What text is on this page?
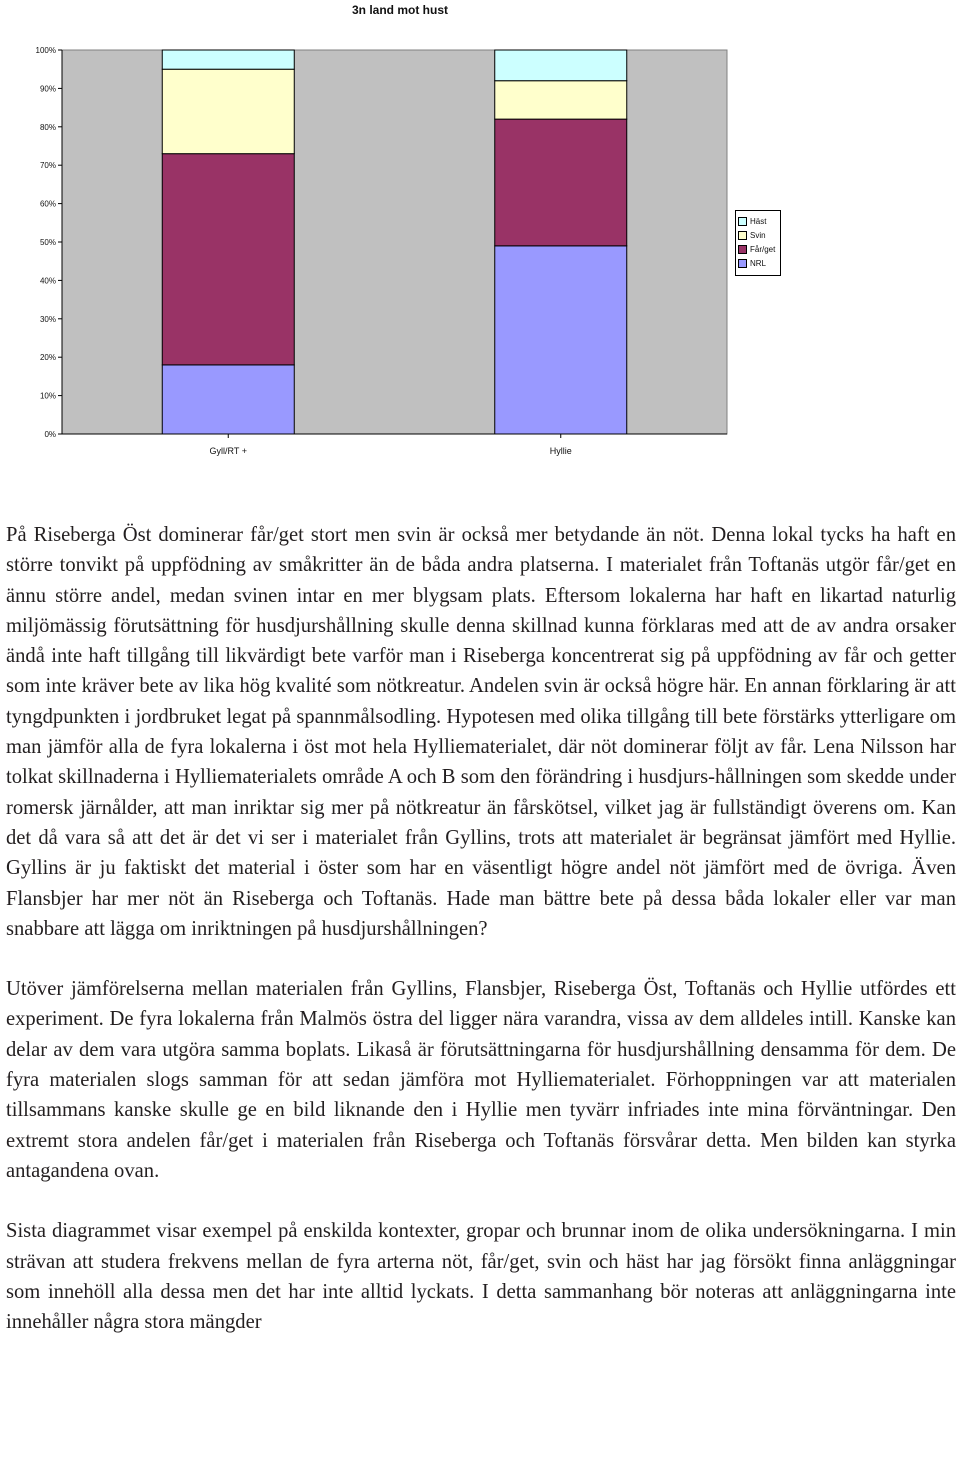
3n land mot hust
0%
10%
20%
30%
40%
50%
60%
70%
80%
90%
100%
Gyll/RT +	Hyllie
Häst
Svin
Får/get
NRL

På Riseberga Öst dominerar får/get stort men svin är också mer betydande än nöt. Denna lokal tycks ha haft en större tonvikt på uppfödning av småkritter än de båda andra platserna. I materialet från Toftanäs utgör får/get en ännu större andel, medan svinen intar en mer blygsam plats. Eftersom lokalerna har haft en likartad naturlig miljömässig förutsättning för husdjurshållning skulle denna skillnad kunna förklaras med att de av andra orsaker ändå inte haft tillgång till likvärdigt bete varför man i Riseberga koncentrerat sig på uppfödning av får och getter som inte kräver bete av lika hög kvalité som nötkreatur. Andelen svin är också högre här. En annan förklaring är att tyngdpunkten i jordbruket legat på spannmålsodling. Hypotesen med olika tillgång till bete förstärks ytterligare om man jämför alla de fyra lokalerna i öst mot hela Hylliematerialet, där nöt dominerar följt av får. Lena Nilsson har tolkat skillnaderna i Hylliematerialets område A och B som den förändring i husdjurs-hållningen som skedde under romersk järnålder, att man inriktar sig mer på nötkreatur än fårskötsel, vilket jag är fullständigt överens om. Kan det då vara så att det är det vi ser i materialet från Gyllins, trots att materialet är begränsat jämfört med Hyllie. Gyllins är ju faktiskt det material i öster som har en väsentligt högre andel nöt jämfört med de övriga. Även Flansbjer har mer nöt än Riseberga och Toftanäs. Hade man bättre bete på dessa båda lokaler eller var man snabbare att lägga om inriktningen på husdjurshållningen?

Utöver jämförelserna mellan materialen från Gyllins, Flansbjer, Riseberga Öst, Toftanäs och Hyllie utfördes ett experiment. De fyra lokalerna från Malmös östra del ligger nära varandra, vissa av dem alldeles intill. Kanske kan delar av dem vara utgöra samma boplats. Likaså är förutsättningarna för husdjurshållning densamma för dem. De fyra materialen slogs samman för att sedan jämföra mot Hylliematerialet. Förhoppningen var att materialen tillsammans kanske skulle ge en bild liknande den i Hyllie men tyvärr infriades inte mina förväntningar. Den extremt stora andelen får/get i materialen från Riseberga och Toftanäs försvårar detta. Men bilden kan styrka antagandena ovan.

Sista diagrammet visar exempel på enskilda kontexter, gropar och brunnar inom de olika undersökningarna. I min strävan att studera frekvens mellan de fyra arterna nöt, får/get, svin och häst har jag försökt finna anläggningar som innehöll alla dessa men det har inte alltid lyckats. I detta sammanhang bör noteras att anläggningarna inte innehåller några stora mängder
